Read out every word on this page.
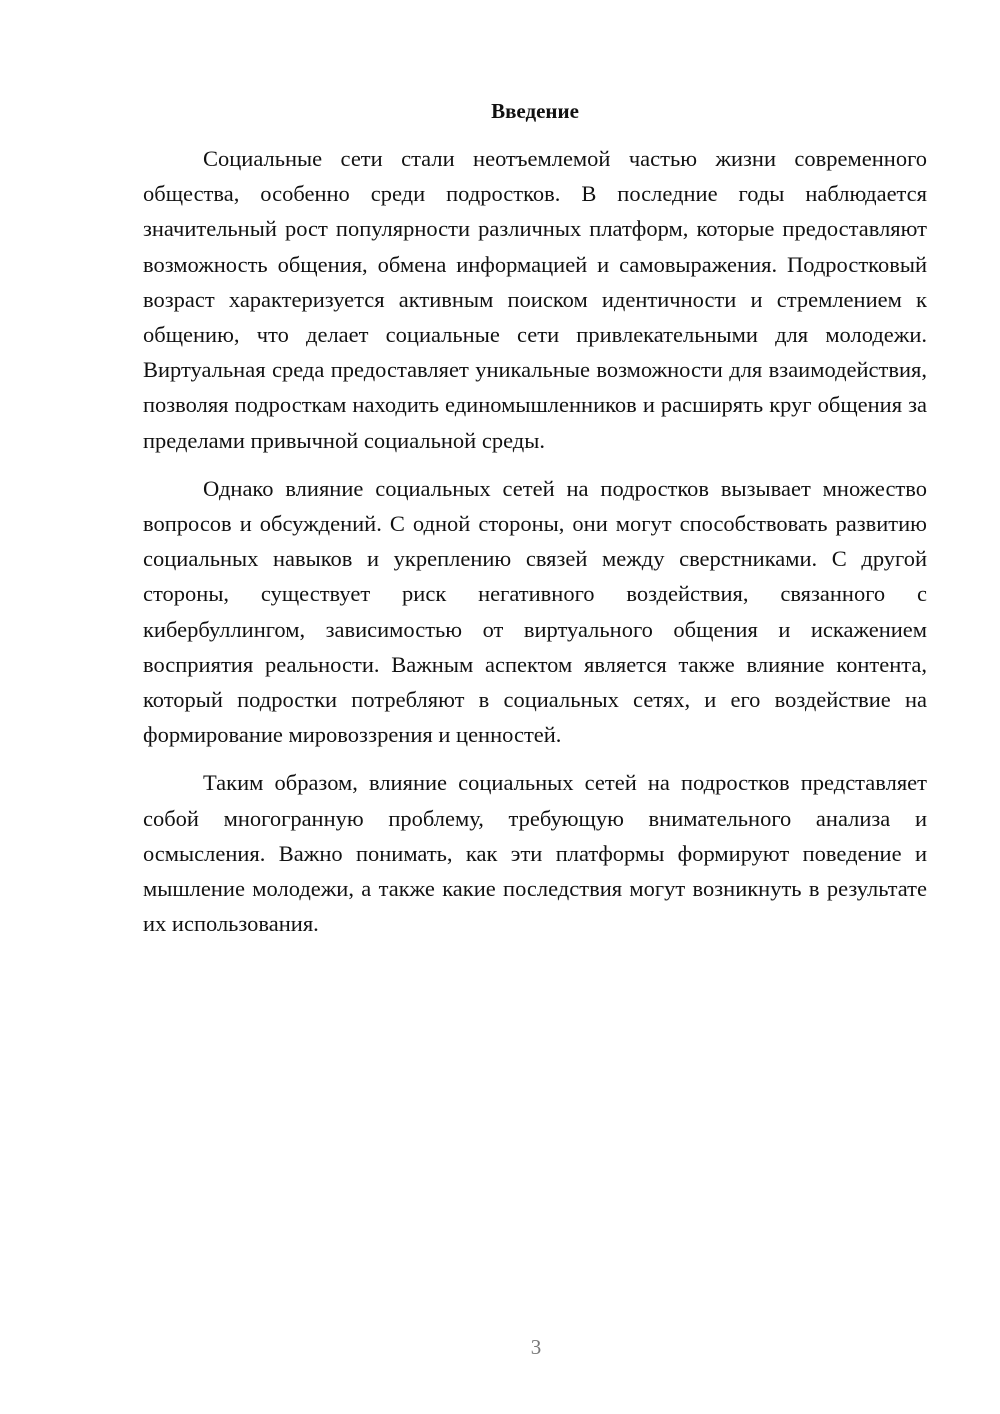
Введение

Социальные сети стали неотъемлемой частью жизни современного общества, особенно среди подростков. В последние годы наблюдается значительный рост популярности различных платформ, которые предоставляют возможность общения, обмена информацией и самовыражения. Подростковый возраст характеризуется активным поиском идентичности и стремлением к общению, что делает социальные сети привлекательными для молодежи. Виртуальная среда предоставляет уникальные возможности для взаимодействия, позволяя подросткам находить единомышленников и расширять круг общения за пределами привычной социальной среды.

Однако влияние социальных сетей на подростков вызывает множество вопросов и обсуждений. С одной стороны, они могут способствовать развитию социальных навыков и укреплению связей между сверстниками. С другой стороны, существует риск негативного воздействия, связанного с кибербуллингом, зависимостью от виртуального общения и искажением восприятия реальности. Важным аспектом является также влияние контента, который подростки потребляют в социальных сетях, и его воздействие на формирование мировоззрения и ценностей.

Таким образом, влияние социальных сетей на подростков представляет собой многогранную проблему, требующую внимательного анализа и осмысления. Важно понимать, как эти платформы формируют поведение и мышление молодежи, а также какие последствия могут возникнуть в результате их использования.

3
